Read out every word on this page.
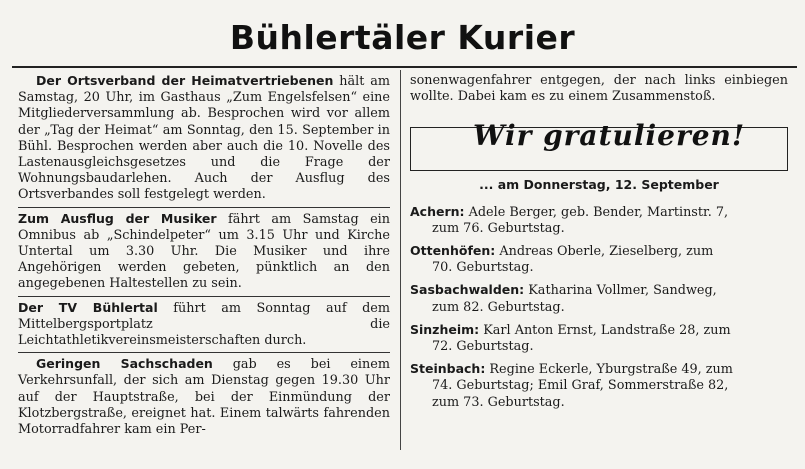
Bühlertäler Kurier

Der Ortsverband der Heimatvertriebenen hält am Samstag, 20 Uhr, im Gasthaus „Zum Engelsfelsen“ eine Mitgliederversammlung ab. Besprochen wird vor allem der „Tag der Heimat“ am Sonntag, den 15. September in Bühl. Besprochen werden aber auch die 10. Novelle des Lastenausgleichsgesetzes und die Frage der Wohnungsbaudarlehen. Auch der Ausflug des Ortsverbandes soll festgelegt werden.

Zum Ausflug der Musiker fährt am Samstag ein Omnibus ab „Schindelpeter“ um 3.15 Uhr und Kirche Untertal um 3.30 Uhr. Die Musiker und ihre Angehörigen werden gebeten, pünktlich an den angegebenen Haltestellen zu sein.

Der TV Bühlertal führt am Sonntag auf dem Mittelbergsportplatz die Leichtathletikvereinsmeisterschaften durch.

Geringen Sachschaden gab es bei einem Verkehrsunfall, der sich am Dienstag gegen 19.30 Uhr auf der Hauptstraße, bei der Einmündung der Klotzbergstraße, ereignet hat. Einem talwärts fahrenden Motorradfahrer kam ein Per-

sonenwagenfahrer entgegen, der nach links einbiegen wollte. Dabei kam es zu einem Zusammenstoß.

Wir gratulieren!
... am Donnerstag, 12. September
Achern: Adele Berger, geb. Bender, Martinstr. 7,
zum 76. Geburtstag.
Ottenhöfen: Andreas Oberle, Zieselberg, zum
70. Geburtstag.
Sasbachwalden: Katharina Vollmer, Sandweg,
zum 82. Geburtstag.
Sinzheim: Karl Anton Ernst, Landstraße 28, zum
72. Geburtstag.
Steinbach: Regine Eckerle, Yburgstraße 49, zum
74. Geburtstag; Emil Graf, Sommerstraße 82,
zum 73. Geburtstag.
